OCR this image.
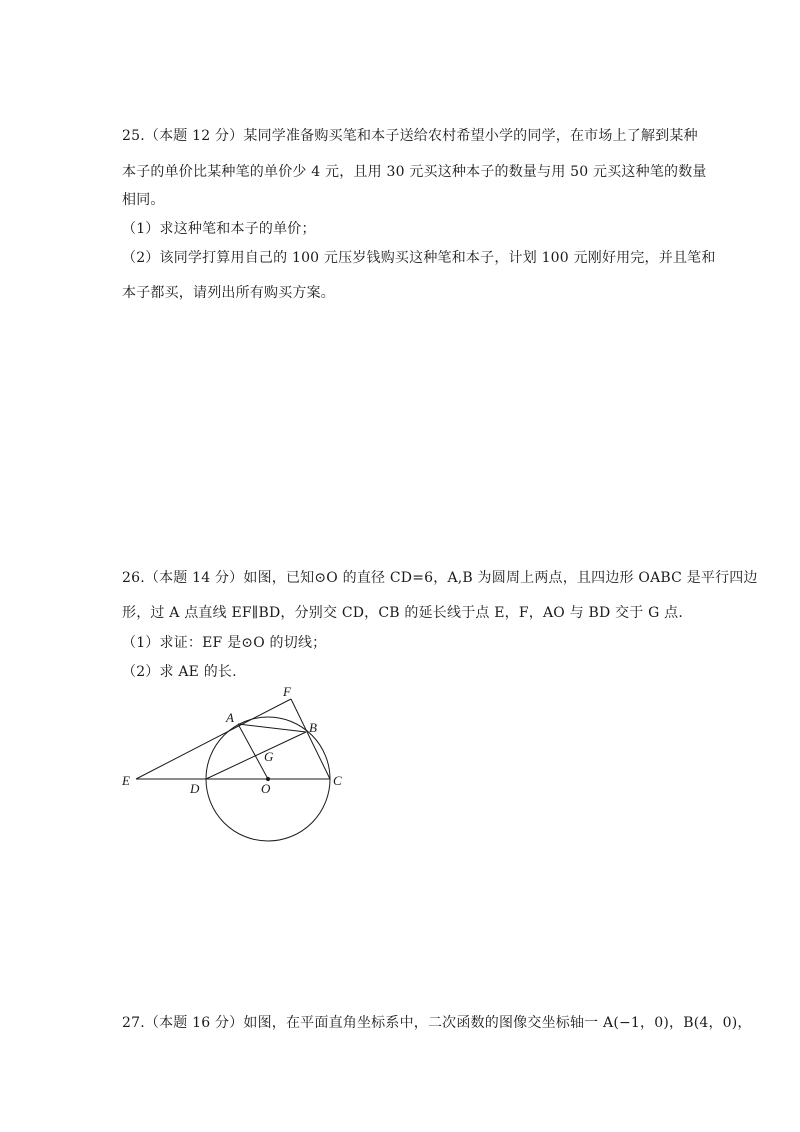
25.（本题 12 分）某同学准备购买笔和本子送给农村希望小学的同学，在市场上了解到某种
本子的单价比某种笔的单价少 4 元，且用 30 元买这种本子的数量与用 50 元买这种笔的数量
相同。
（1）求这种笔和本子的单价；
（2）该同学打算用自己的 100 元压岁钱购买这种笔和本子，计划 100 元刚好用完，并且笔和
本子都买，请列出所有购买方案。
26.（本题 14 分）如图，已知⊙O 的直径 CD=6，A,B 为圆周上两点，且四边形 OABC 是平行四边
形，过 A 点直线 EF∥BD，分别交 CD，CB 的延长线于点 E，F，AO 与 BD 交于 G 点.
（1）求证：EF 是⊙O 的切线；
（2）求 AE 的长.
F
A
B
G
E
D	O
C
27.（本题 16 分）如图，在平面直角坐标系中，二次函数的图像交坐标轴一 A(−1，0)，B(4，0)，
